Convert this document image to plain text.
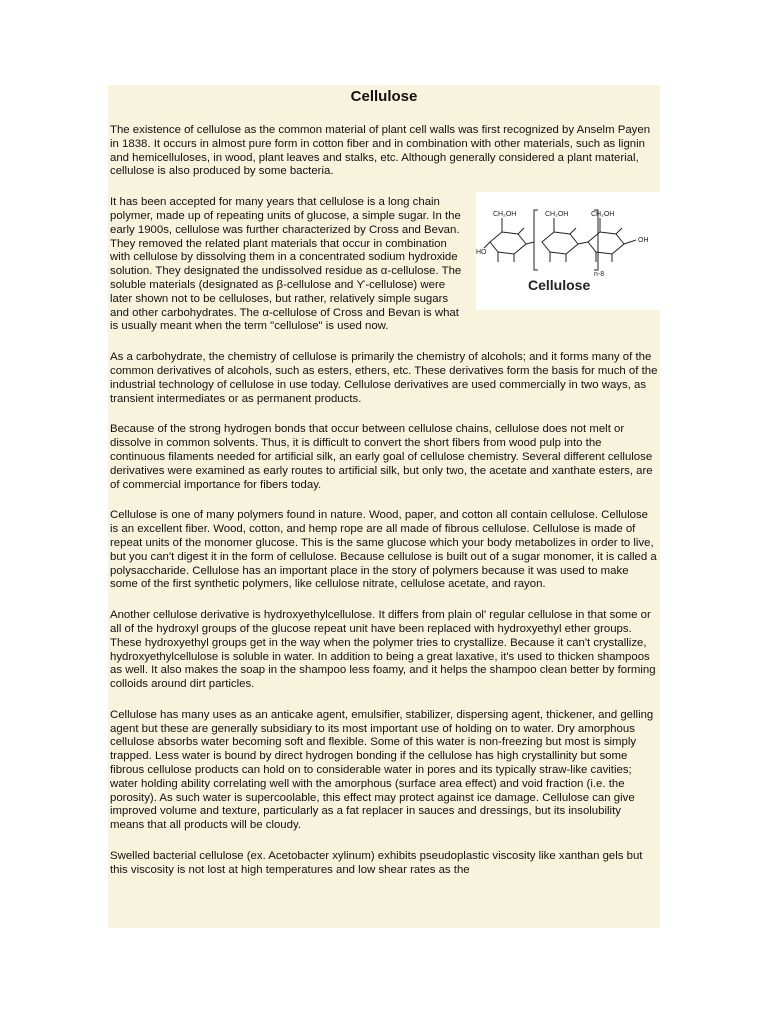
Cellulose

The existence of cellulose as the common material of plant cell walls was first recognized by Anselm Payen in 1838. It occurs in almost pure form in cotton fiber and in combination with other materials, such as lignin and hemicelluloses, in wood, plant leaves and stalks, etc. Although generally considered a plant material, cellulose is also produced by some bacteria.

CH₂OH	CH₂OH	CH₂OH
HO
OH
n-8
Cellulose
It has been accepted for many years that cellulose is a long chain polymer, made up of repeating units of glucose, a simple sugar. In the early 1900s, cellulose was further characterized by Cross and Bevan. They removed the related plant materials that occur in combination with cellulose by dissolving them in a concentrated sodium hydroxide solution. They designated the undissolved residue as α-cellulose. The soluble materials (designated as β-cellulose and ϒ-cellulose) were later shown not to be celluloses, but rather, relatively simple sugars and other carbohydrates. The α-cellulose of Cross and Bevan is what is usually meant when the term "cellulose" is used now.

As a carbohydrate, the chemistry of cellulose is primarily the chemistry of alcohols; and it forms many of the common derivatives of alcohols, such as esters, ethers, etc. These derivatives form the basis for much of the industrial technology of cellulose in use today. Cellulose derivatives are used commercially in two ways, as transient intermediates or as permanent products.

Because of the strong hydrogen bonds that occur between cellulose chains, cellulose does not melt or dissolve in common solvents. Thus, it is difficult to convert the short fibers from wood pulp into the continuous filaments needed for artificial silk, an early goal of cellulose chemistry. Several different cellulose derivatives were examined as early routes to artificial silk, but only two, the acetate and xanthate esters, are of commercial importance for fibers today.

Cellulose is one of many polymers found in nature. Wood, paper, and cotton all contain cellulose. Cellulose is an excellent fiber. Wood, cotton, and hemp rope are all made of fibrous cellulose. Cellulose is made of repeat units of the monomer glucose. This is the same glucose which your body metabolizes in order to live, but you can't digest it in the form of cellulose. Because cellulose is built out of a sugar monomer, it is called a polysaccharide. Cellulose has an important place in the story of polymers because it was used to make some of the first synthetic polymers, like cellulose nitrate, cellulose acetate, and rayon.

Another cellulose derivative is hydroxyethylcellulose. It differs from plain ol' regular cellulose in that some or all of the hydroxyl groups of the glucose repeat unit have been replaced with hydroxyethyl ether groups. These hydroxyethyl groups get in the way when the polymer tries to crystallize. Because it can't crystallize, hydroxyethylcellulose is soluble in water. In addition to being a great laxative, it's used to thicken shampoos as well. It also makes the soap in the shampoo less foamy, and it helps the shampoo clean better by forming colloids around dirt particles.

Cellulose has many uses as an anticake agent, emulsifier, stabilizer, dispersing agent, thickener, and gelling agent but these are generally subsidiary to its most important use of holding on to water. Dry amorphous cellulose absorbs water becoming soft and flexible. Some of this water is non-freezing but most is simply trapped. Less water is bound by direct hydrogen bonding if the cellulose has high crystallinity but some fibrous cellulose products can hold on to considerable water in pores and its typically straw-like cavities; water holding ability correlating well with the amorphous (surface area effect) and void fraction (i.e. the porosity). As such water is supercoolable, this effect may protect against ice damage. Cellulose can give improved volume and texture, particularly as a fat replacer in sauces and dressings, but its insolubility means that all products will be cloudy.

Swelled bacterial cellulose (ex. Acetobacter xylinum) exhibits pseudoplastic viscosity like xanthan gels but this viscosity is not lost at high temperatures and low shear rates as the
